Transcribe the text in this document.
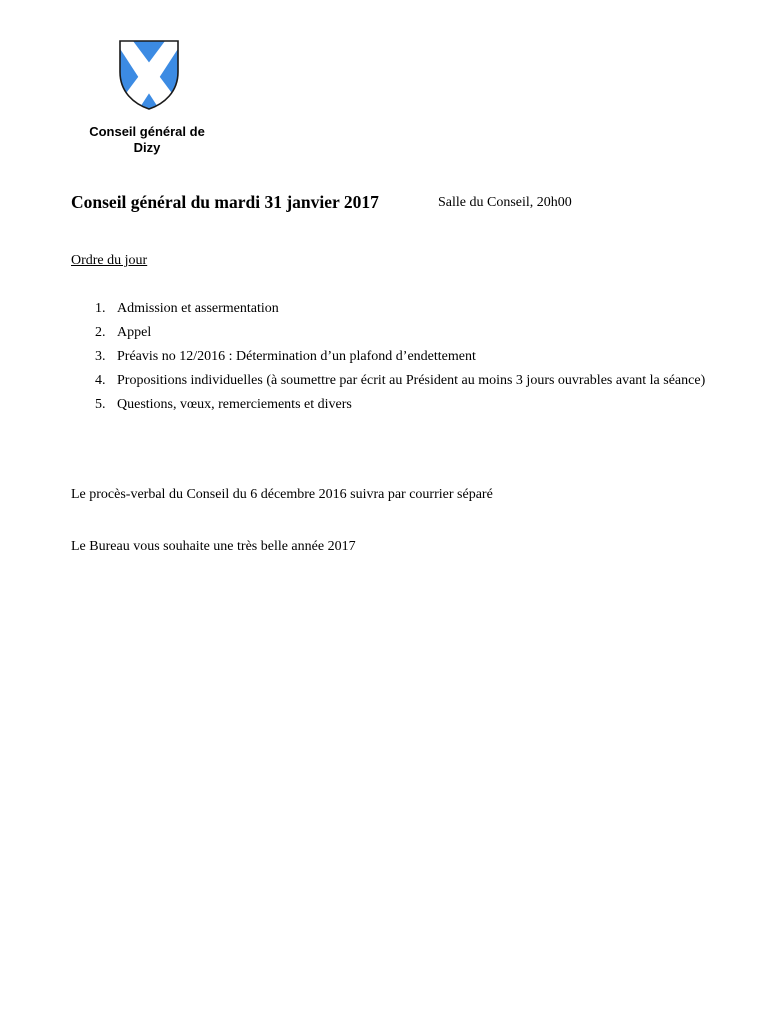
Conseil général de
Dizy
Conseil général du mardi 31 janvier 2017	Salle du Conseil, 20h00
Ordre du jour
1. Admission et assermentation
2. Appel
3. Préavis no 12/2016 : Détermination d’un plafond d’endettement
4. Propositions individuelles (à soumettre par écrit au Président au moins 3 jours ouvrables avant la séance)
5. Questions, vœux, remerciements et divers
Le procès-verbal du Conseil du 6 décembre 2016 suivra par courrier séparé
Le Bureau vous souhaite une très belle année 2017
